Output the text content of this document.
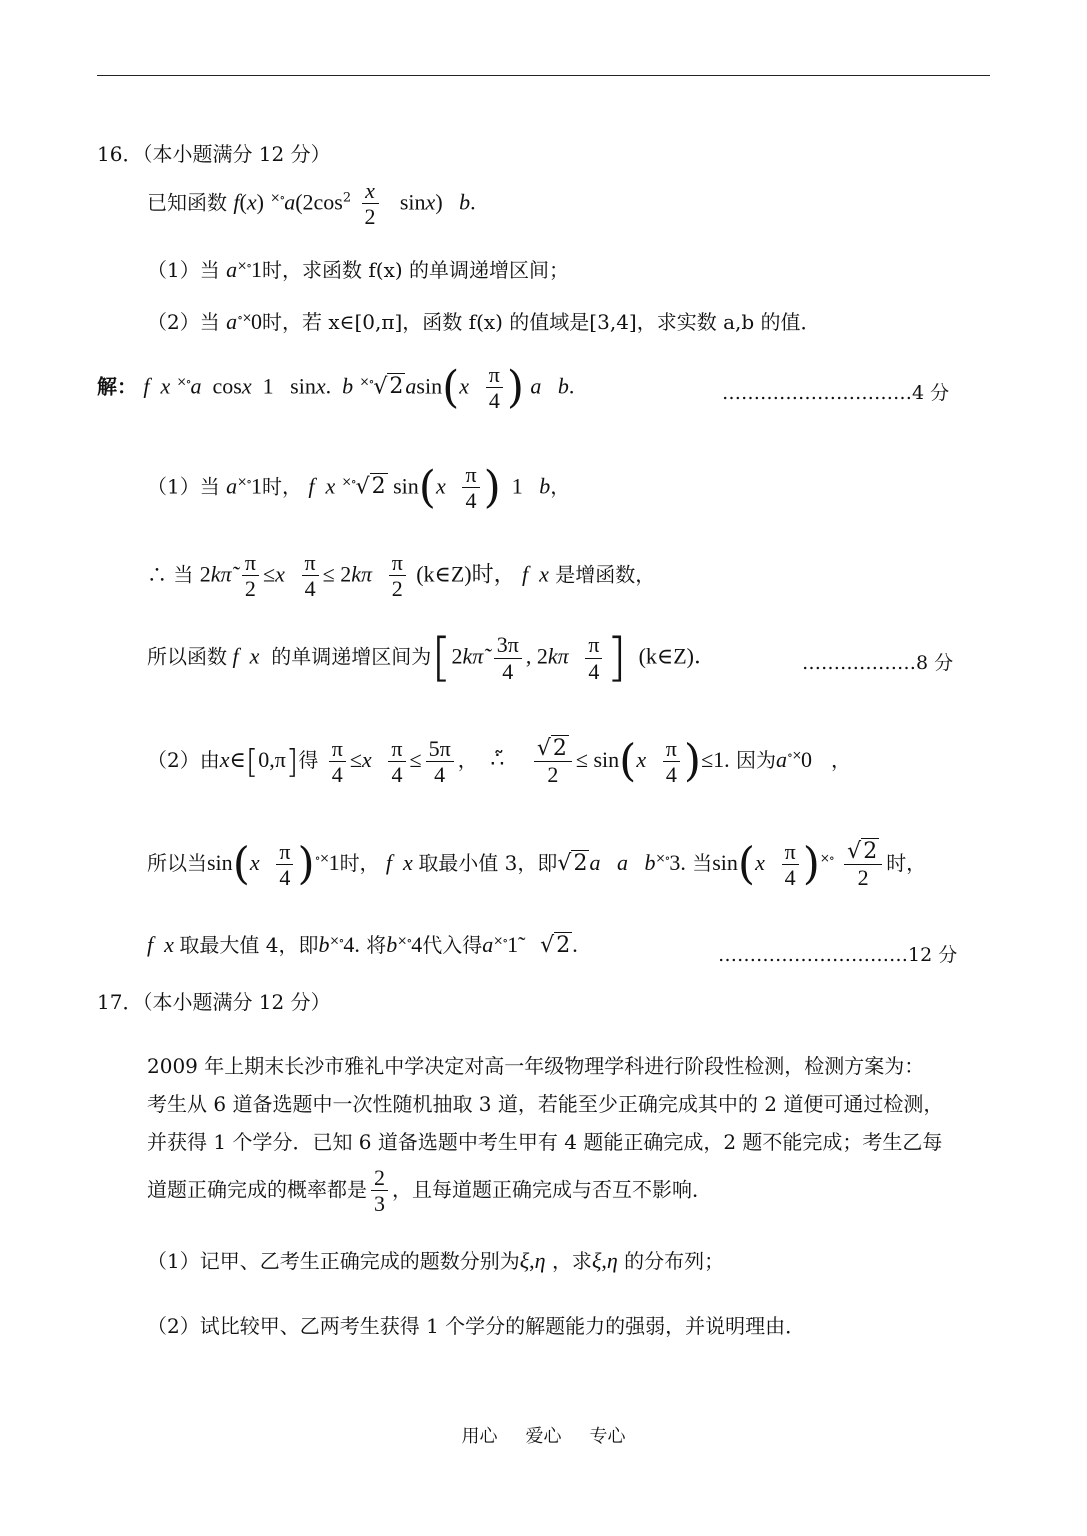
16．（本小题满分 12 分）
已知函数 f(x) $^{\times\circ}a(2\cos^2 \frac{x}{2} \sin x)$   b.
（1）当 a×∘1时，求函数 f(x) 的单调递增区间；
（2）当 a∘×0时，若 x∈[0,π]，函数 f(x) 的值域是[3,4]，求实数 a,b 的值．
解： f  x ×∘a  cosx  1   sinx.  b $^{\times\circ}√2asin(x \frac{\pi}{4}$ ) a b.	…………………………4 分
（1）当 a×∘1时， f  x ×∘√2 $\sin(x \frac{\pi}{4}$ )  1   b，
∴ 当 2kπ̃ $\frac{\pi}{2} \le x \frac{\pi}{4} \le 2k\pi \frac{\pi}{2}$ (k∈Z)时， f  x 是增函数，
所以函数 f  x  的单调递增区间为[2kπ̃ $\frac{3\pi}{4}$ , $2k\pi \frac{\pi}{4}$ ] (k∈Z)．	………………8 分
（2）由x∈[0,π]得 $\frac{\pi}{4} \le x \frac{\pi}{4} \le \frac{5\pi}{4}$ ，  ∴̃ $\frac{√2}{2} \le \sin(x \frac{\pi}{4} )\le 1$. 因为a∘×0 ，
所以当$\sin(x \frac{\pi}{4} )^{\circ\times}1$时， f  x 取最小值 3，即√2a   a   b×∘3. 当$\sin(x \frac{\pi}{4} )^{\times\circ} \frac{√2}{2}$ 时，
f  x 取最大值 4，即b×∘4. 将b×∘4代入得a×∘1̃    √2.	…………………………12 分
17．（本小题满分 12 分）
2009 年上期末长沙市雅礼中学决定对高一年级物理学科进行阶段性检测，检测方案为：
考生从 6 道备选题中一次性随机抽取 3 道，若能至少正确完成其中的 2 道便可通过检测，
并获得 1 个学分．已知 6 道备选题中考生甲有 4 题能正确完成，2 题不能完成；考生乙每
道题正确完成的概率都是 $\frac{2}{3}$ ，且每道题正确完成与否互不影响．
（1）记甲、乙考生正确完成的题数分别为ξ,η ，求ξ,η 的分布列；
（2）试比较甲、乙两考生获得 1 个学分的解题能力的强弱，并说明理由．
用心 爱心 专心
